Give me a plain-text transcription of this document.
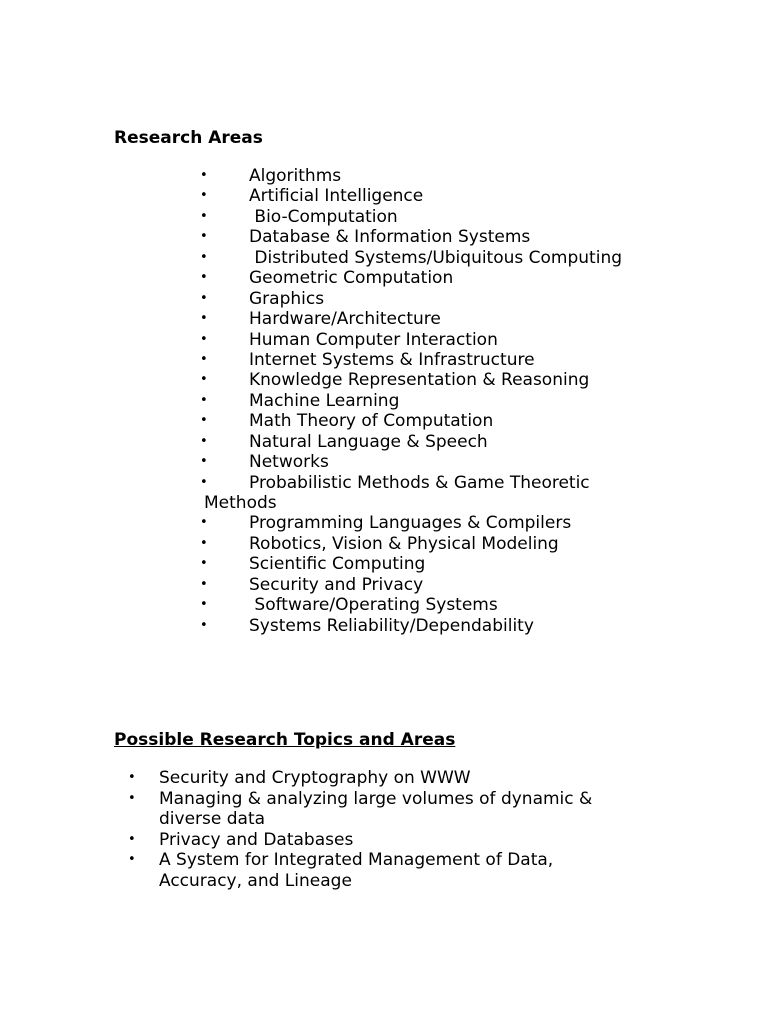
Research Areas
• Algorithms
• Artificial Intelligence
• Bio-Computation
• Database & Information Systems
• Distributed Systems/Ubiquitous Computing
• Geometric Computation
• Graphics
• Hardware/Architecture
• Human Computer Interaction
• Internet Systems & Infrastructure
• Knowledge Representation & Reasoning
• Machine Learning
• Math Theory of Computation
• Natural Language & Speech
• Networks
• Probabilistic Methods & Game Theoretic
Methods
• Programming Languages & Compilers
• Robotics, Vision & Physical Modeling
• Scientific Computing
• Security and Privacy
• Software/Operating Systems
• Systems Reliability/Dependability
Possible Research Topics and Areas
• Security and Cryptography on WWW
• Managing & analyzing large volumes of dynamic & diverse data
• Privacy and Databases
• A System for Integrated Management of Data, Accuracy, and Lineage
